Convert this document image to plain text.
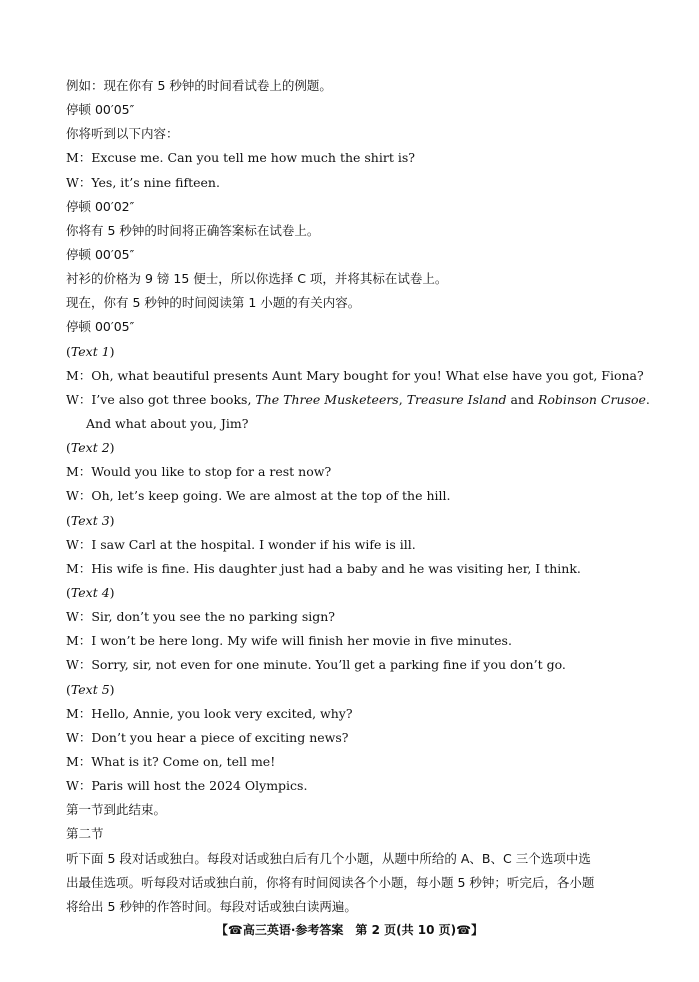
例如：现在你有 5 秒钟的时间看试卷上的例题。
停顿 00′05″
你将听到以下内容：
M：Excuse me. Can you tell me how much the shirt is?
W：Yes, it’s nine fifteen.
停顿 00′02″
你将有 5 秒钟的时间将正确答案标在试卷上。
停顿 00′05″
衬衫的价格为 9 镑 15 便士，所以你选择 C 项，并将其标在试卷上。
现在，你有 5 秒钟的时间阅读第 1 小题的有关内容。
停顿 00′05″
(Text 1)
M：Oh, what beautiful presents Aunt Mary bought for you! What else have you got, Fiona?
W：I’ve also got three books, The Three Musketeers, Treasure Island and Robinson Crusoe.
And what about you, Jim?
(Text 2)
M：Would you like to stop for a rest now?
W：Oh, let’s keep going. We are almost at the top of the hill.
(Text 3)
W：I saw Carl at the hospital. I wonder if his wife is ill.
M：His wife is fine. His daughter just had a baby and he was visiting her, I think.
(Text 4)
W：Sir, don’t you see the no parking sign?
M：I won’t be here long. My wife will finish her movie in five minutes.
W：Sorry, sir, not even for one minute. You’ll get a parking fine if you don’t go.
(Text 5)
M：Hello, Annie, you look very excited, why?
W：Don’t you hear a piece of exciting news?
M：What is it? Come on, tell me!
W：Paris will host the 2024 Olympics.
第一节到此结束。
第二节
听下面 5 段对话或独白。每段对话或独白后有几个小题，从题中所给的 A、B、C 三个选项中选
出最佳选项。听每段对话或独白前，你将有时间阅读各个小题，每小题 5 秒钟；听完后，各小题
将给出 5 秒钟的作答时间。每段对话或独白读两遍。
【☎高三英语·参考答案　第 2 页(共 10 页)☎】
